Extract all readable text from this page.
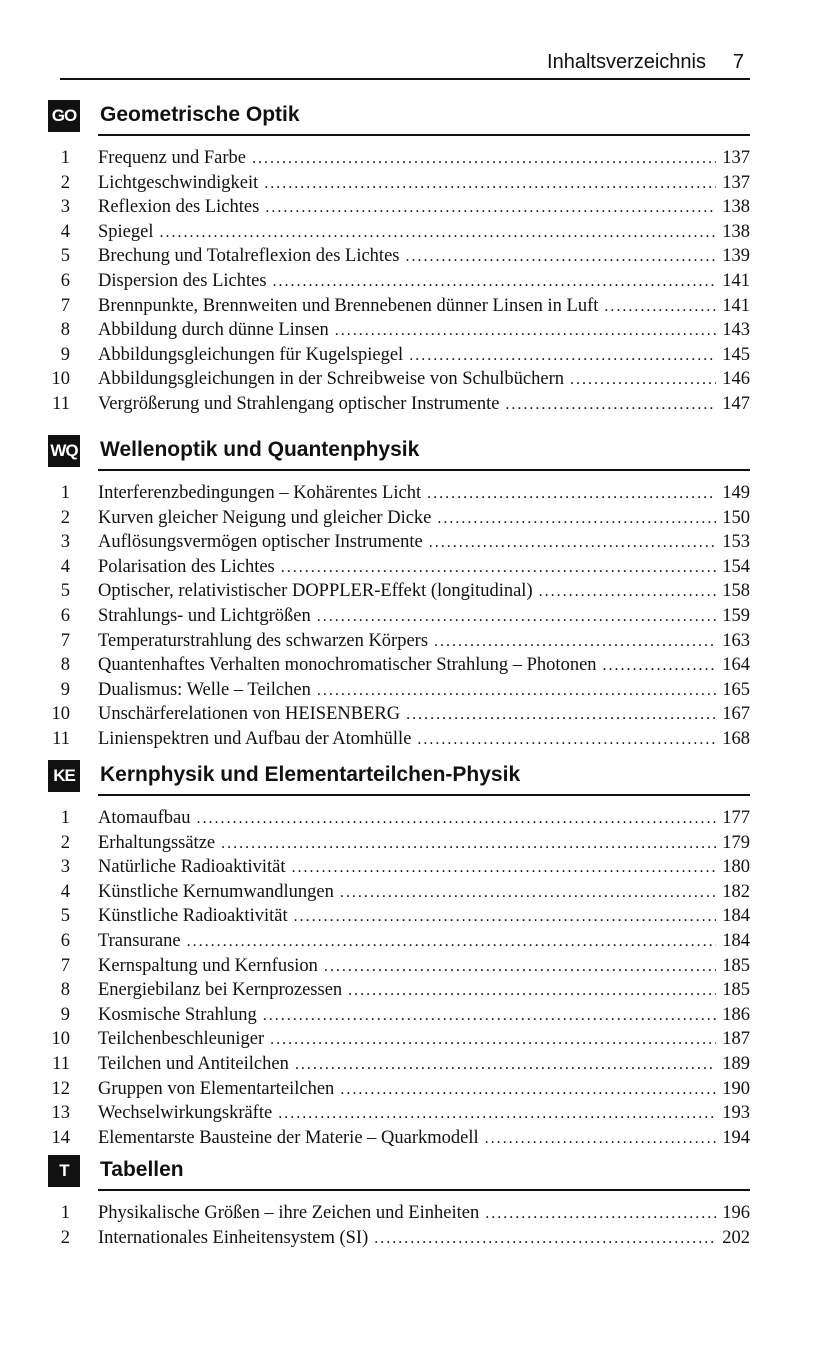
Inhaltsverzeichnis 7
GO Geometrische Optik
1 Frequenz und Farbe . . .	137
2 Lichtgeschwindigkeit . . .	137
3 Reflexion des Lichtes . . .	138
4 Spiegel . . .	138
5 Brechung und Totalreflexion des Lichtes . . .	139
6 Dispersion des Lichtes . . .	141
7 Brennpunkte, Brennweiten und Brennebenen dünner Linsen in Luft . . .	141
8 Abbildung durch dünne Linsen . . .	143
9 Abbildungsgleichungen für Kugelspiegel . . .	145
10 Abbildungsgleichungen in der Schreibweise von Schulbüchern . . .	146
11 Vergrößerung und Strahlengang optischer Instrumente . . .	147
WQ Wellenoptik und Quantenphysik
1 Interferenzbedingungen – Kohärentes Licht . . .	149
2 Kurven gleicher Neigung und gleicher Dicke . . .	150
3 Auflösungsvermögen optischer Instrumente . . .	153
4 Polarisation des Lichtes . . .	154
5 Optischer, relativistischer DOPPLER-Effekt (longitudinal) . . .	158
6 Strahlungs- und Lichtgrößen . . .	159
7 Temperaturstrahlung des schwarzen Körpers . . .	163
8 Quantenhaftes Verhalten monochromatischer Strahlung – Photonen . . .	164
9 Dualismus: Welle – Teilchen . . .	165
10 Unschärferelationen von HEISENBERG . . .	167
11 Linienspektren und Aufbau der Atomhülle . . .	168
KE Kernphysik und Elementarteilchen-Physik
1 Atomaufbau . . .	177
2 Erhaltungssätze . . .	179
3 Natürliche Radioaktivität . . .	180
4 Künstliche Kernumwandlungen . . .	182
5 Künstliche Radioaktivität . . .	184
6 Transurane . . .	184
7 Kernspaltung und Kernfusion . . .	185
8 Energiebilanz bei Kernprozessen . . .	185
9 Kosmische Strahlung . . .	186
10 Teilchenbeschleuniger . . .	187
11 Teilchen und Antiteilchen . . .	189
12 Gruppen von Elementarteilchen . . .	190
13 Wechselwirkungskräfte . . .	193
14 Elementarste Bausteine der Materie – Quarkmodell . . .	194
T	Tabellen
1 Physikalische Größen – ihre Zeichen und Einheiten . . .	196
2 Internationales Einheitensystem (SI) . . .	202
